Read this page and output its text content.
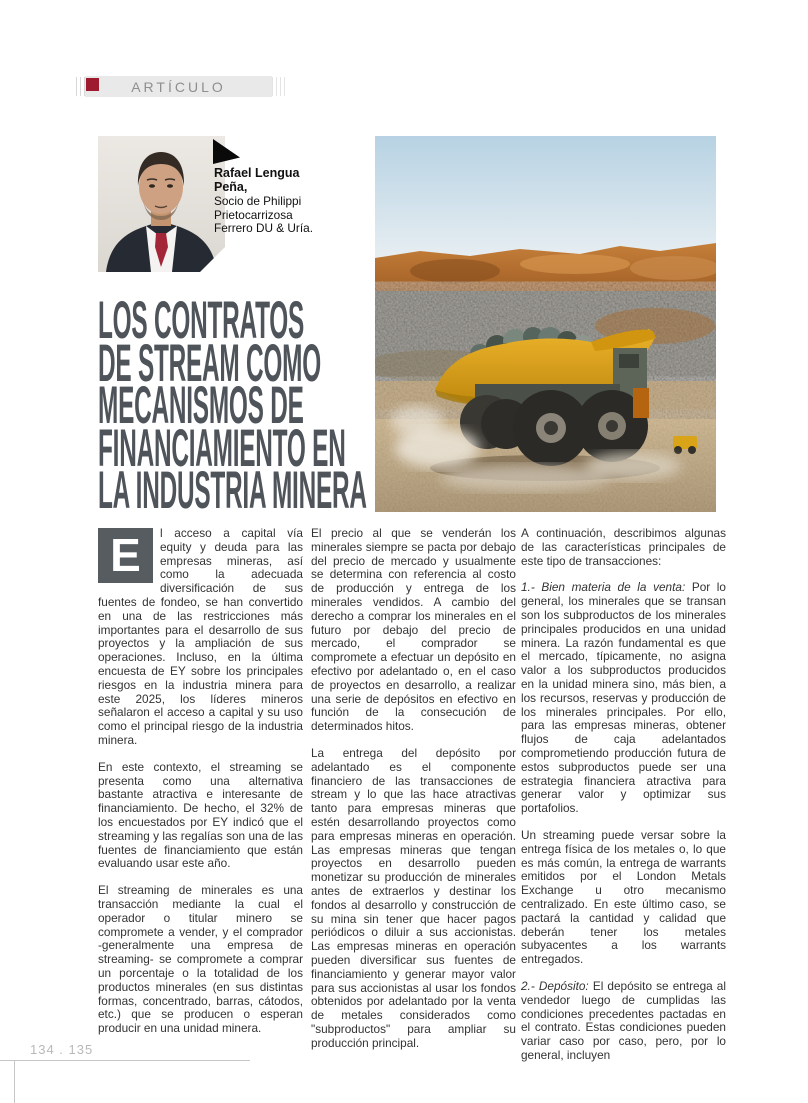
ARTÍCULO
Rafael Lengua Peña,
Socio de Philippi Prietocarrizosa Ferrero DU & Uría.
LOS CONTRATOS
DE STREAM COMO
MECANISMOS DE
FINANCIAMIENTO EN
LA INDUSTRIA MINERA

E	l acceso a capital vía equity y deuda para las empresas mineras, así como la adecuada diversificación de sus fuentes de fondeo, se han convertido en una de las restricciones más importantes para el desarrollo de sus proyectos y la ampliación de sus operaciones. Incluso, en la última encuesta de EY sobre los principales riesgos en la industria minera para este 2025, los líderes mineros señalaron el acceso a capital y su uso como el principal riesgo de la industria minera.

En este contexto, el streaming se presenta como una alternativa bastante atractiva e interesante de financiamiento. De hecho, el 32% de los encuestados por EY indicó que el streaming y las regalías son una de las fuentes de financiamiento que están evaluando usar este año.

El streaming de minerales es una transacción mediante la cual el operador o titular minero se compromete a vender, y el comprador -generalmente una empresa de streaming- se compromete a comprar un porcentaje o la totalidad de los productos minerales (en sus distintas formas, concentrado, barras, cátodos, etc.) que se producen o esperan producir en una unidad minera.

El precio al que se venderán los minerales siempre se pacta por debajo del precio de mercado y usualmente se determina con referencia al costo de producción y entrega de los minerales vendidos. A cambio del derecho a comprar los minerales en el futuro por debajo del precio de mercado, el comprador se compromete a efectuar un depósito en efectivo por adelantado o, en el caso de proyectos en desarrollo, a realizar una serie de depósitos en efectivo en función de la consecución de determinados hitos.

La entrega del depósito por adelantado es el componente financiero de las transacciones de stream y lo que las hace atractivas tanto para empresas mineras que estén desarrollando proyectos como para empresas mineras en operación. Las empresas mineras que tengan proyectos en desarrollo pueden monetizar su producción de minerales antes de extraerlos y destinar los fondos al desarrollo y construcción de su mina sin tener que hacer pagos periódicos o diluir a sus accionistas. Las empresas mineras en operación pueden diversificar sus fuentes de financiamiento y generar mayor valor para sus accionistas al usar los fondos obtenidos por adelantado por la venta de metales considerados como "subproductos" para ampliar su producción principal.

A continuación, describimos algunas de las características principales de este tipo de transacciones:

1.- Bien materia de la venta: Por lo general, los minerales que se transan son los subproductos de los minerales principales producidos en una unidad minera. La razón fundamental es que el mercado, típicamente, no asigna valor a los subproductos producidos en la unidad minera sino, más bien, a los recursos, reservas y producción de los minerales principales. Por ello, para las empresas mineras, obtener flujos de caja adelantados comprometiendo producción futura de estos subproductos puede ser una estrategia financiera atractiva para generar valor y optimizar sus portafolios.

Un streaming puede versar sobre la entrega física de los metales o, lo que es más común, la entrega de warrants emitidos por el London Metals Exchange u otro mecanismo centralizado. En este último caso, se pactará la cantidad y calidad que deberán tener los metales subyacentes a los warrants entregados.

2.- Depósito: El depósito se entrega al vendedor luego de cumplidas las condiciones precedentes pactadas en el contrato. Estas condiciones pueden variar caso por caso, pero, por lo general, incluyen

134 . 135
